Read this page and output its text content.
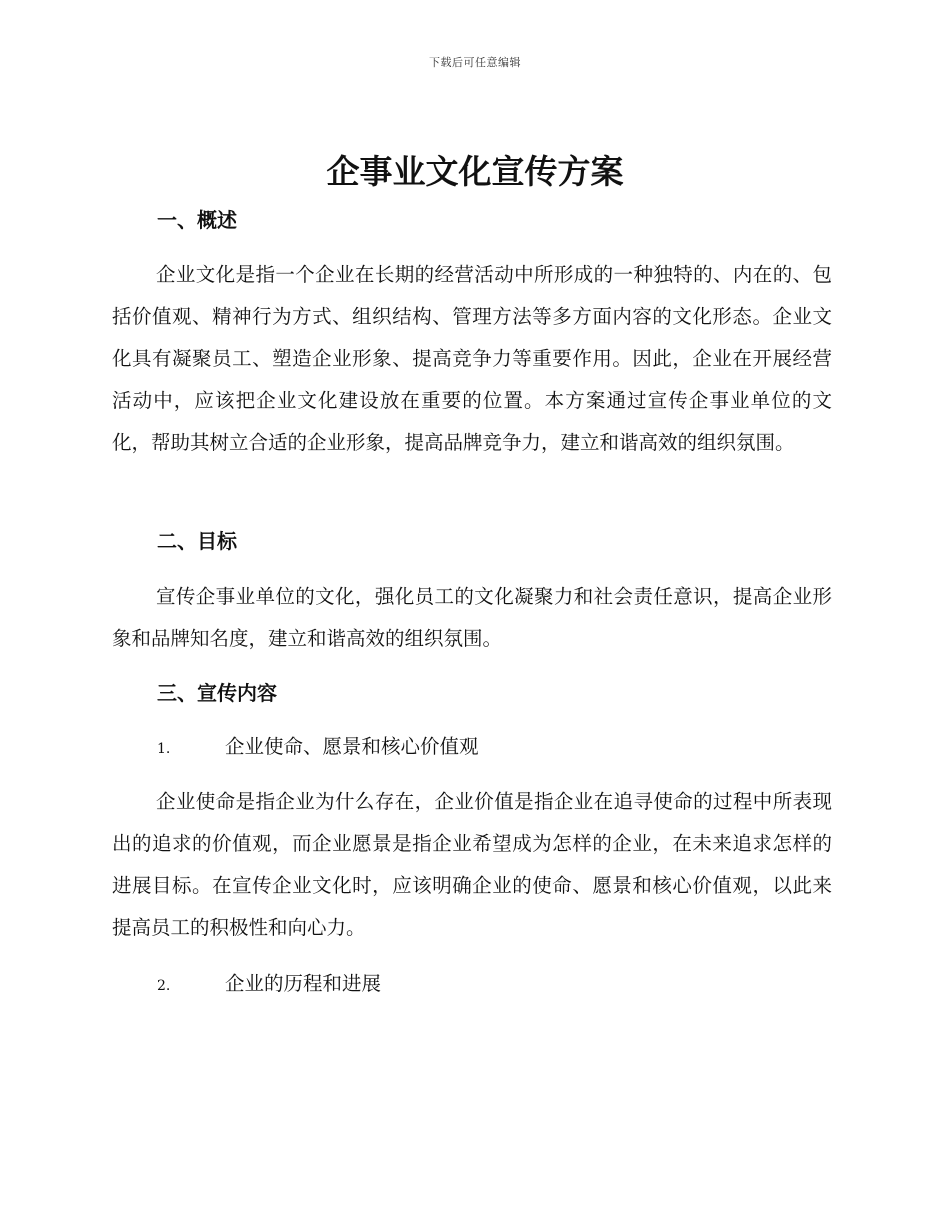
下载后可任意编辑
企事业文化宣传方案
一、概述

企业文化是指一个企业在长期的经营活动中所形成的一种独特的、内在的、包括价值观、精神行为方式、组织结构、管理方法等多方面内容的文化形态。企业文化具有凝聚员工、塑造企业形象、提高竞争力等重要作用。因此，企业在开展经营活动中，应该把企业文化建设放在重要的位置。本方案通过宣传企事业单位的文化，帮助其树立合适的企业形象，提高品牌竞争力，建立和谐高效的组织氛围。

二、目标

宣传企事业单位的文化，强化员工的文化凝聚力和社会责任意识，提高企业形象和品牌知名度，建立和谐高效的组织氛围。

三、宣传内容
1.	企业使命、愿景和核心价值观

企业使命是指企业为什么存在，企业价值是指企业在追寻使命的过程中所表现出的追求的价值观，而企业愿景是指企业希望成为怎样的企业，在未来追求怎样的进展目标。在宣传企业文化时，应该明确企业的使命、愿景和核心价值观，以此来提高员工的积极性和向心力。

2.	企业的历程和进展
